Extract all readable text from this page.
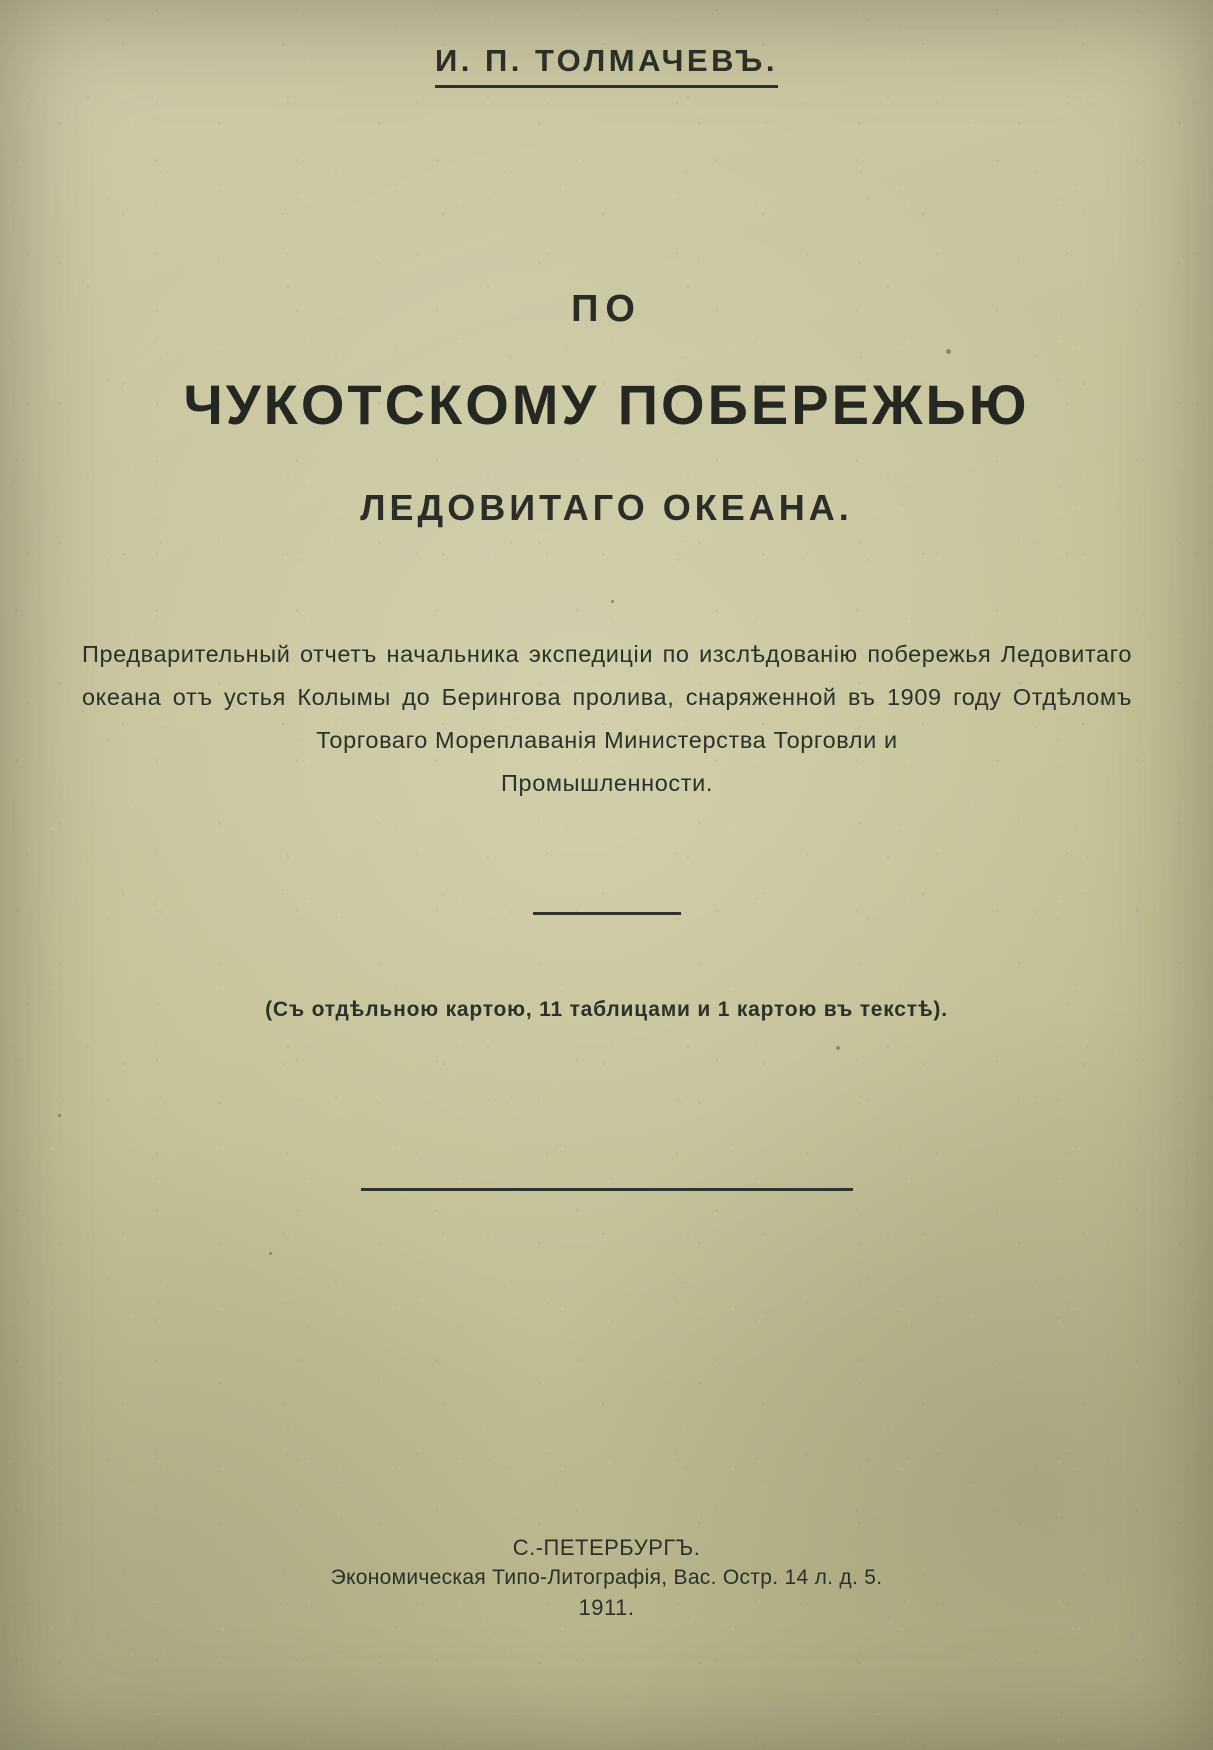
И. П. ТОЛМАЧЕВЪ.
ПО
ЧУКОТСКОМУ ПОБЕРЕЖЬЮ
ЛЕДОВИТАГО ОКЕАНА.
Предварительный отчетъ начальника экспедиціи по изслѣдованію побережья Ледовитаго океана отъ устья Колымы до Берингова пролива, снаряженной въ 1909 году Отдѣломъ Торговаго Мореплаванія Министерства Торговли и
Промышленности.
(Съ отдѣльною картою, 11 таблицами и 1 картою въ текстѣ).
С.-ПЕТЕРБУРГЪ.
Экономическая Типо-Литографія, Вас. Остр. 14 л. д. 5.
1911.
